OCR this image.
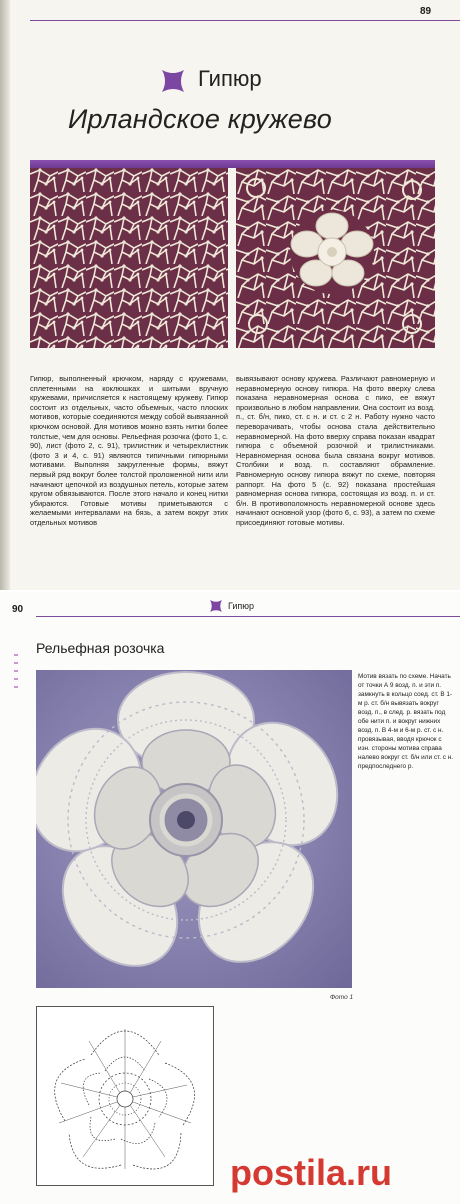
89
Гипюр
Ирландское кружево
Гипюр, выполненный крючком, наряду с кружевами, сплетенными на коклюшках и шитыми вручную кружевами, причисляется к настоящему кружеву. Гипюр состоит из отдельных, часто объемных, часто плоских мотивов, которые соединяются между собой вывязанной крючком основой. Для мотивов можно взять нитки более толстые, чем для основы. Рельефная розочка (фото 1, с. 90), лист (фото 2, с. 91), трилистник и четырехлистник (фото 3 и 4, с. 91) являются типичными гипюрными мотивами. Выполняя закругленные формы, вяжут первый ряд вокруг более толстой проложенной нити или начинают цепочкой из воздушных петель, которые затем кругом обвязываются. После этого начало и конец нитки убираются. Готовые мотивы приметываются с желаемыми интервалами на бязь, а затем вокруг этих отдельных мотивов
вывязывают основу кружева. Различают равномерную и неравномерную основу гипюра. На фото вверху слева показана неравномерная основа с пико, ее вяжут произвольно в любом направлении. Она состоит из возд. п., ст. б/н, пико, ст. с н. и ст. с 2 н. Работу нужно часто переворачивать, чтобы основа стала действительно неравномерной. На фото вверху справа показан квадрат гипюра с объемной розочкой и трилистниками. Неравномерная основа была связана вокруг мотивов. Столбики и возд. п. составляют обрамление. Равномерную основу гипюра вяжут по схеме, повторяя раппорт. На фото 5 (с. 92) показана простейшая равномерная основа гипюра, состоящая из возд. п. и ст. б/н. В противоположность неравномерной основе здесь начинают основной узор (фото 6, с. 93), а затем по схеме присоединяют готовые мотивы.
90	Гипюр
Рельефная розочка
Мотив вязать по схеме. Начать от точки А 9 возд. п. и эти п. замкнуть в кольцо соед. ст. В 1-м р. ст. б/н вывязать вокруг возд. п., в след. р. вязать под обе нити п. и вокруг нижних возд. п. В 4-м и 6-м р. ст. с н. провязывая, вводя крючок с изн. стороны мотива справа налево вокруг ст. б/н или ст. с н. предпоследнего р.
Фото 1
postila.ru
